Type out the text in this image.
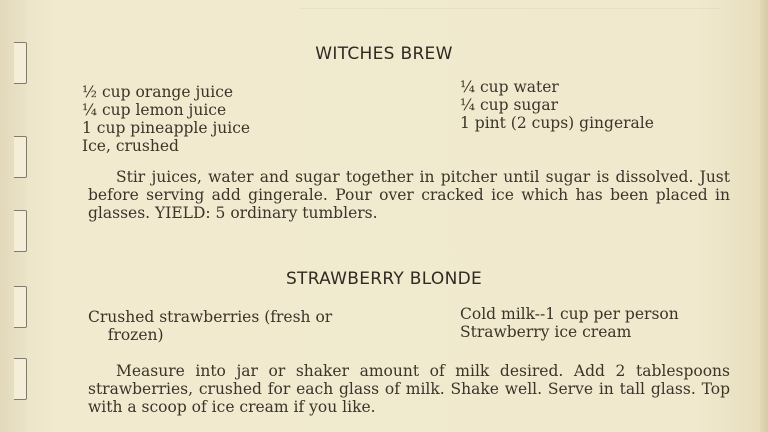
WITCHES BREW
½ cup orange juice
¼ cup lemon juice
1 cup pineapple juice
Ice, crushed
¼ cup water
¼ cup sugar
1 pint (2 cups) gingerale
Stir juices, water and sugar together in pitcher until sugar is dissolved. Just before serving add gingerale. Pour over cracked ice which has been placed in glasses. YIELD: 5 ordinary tumblers.
STRAWBERRY BLONDE
Crushed strawberries (fresh or
frozen)
Cold milk--1 cup per person
Strawberry ice cream
Measure into jar or shaker amount of milk desired. Add 2 tablespoons strawberries, crushed for each glass of milk. Shake well. Serve in tall glass. Top with a scoop of ice cream if you like.
